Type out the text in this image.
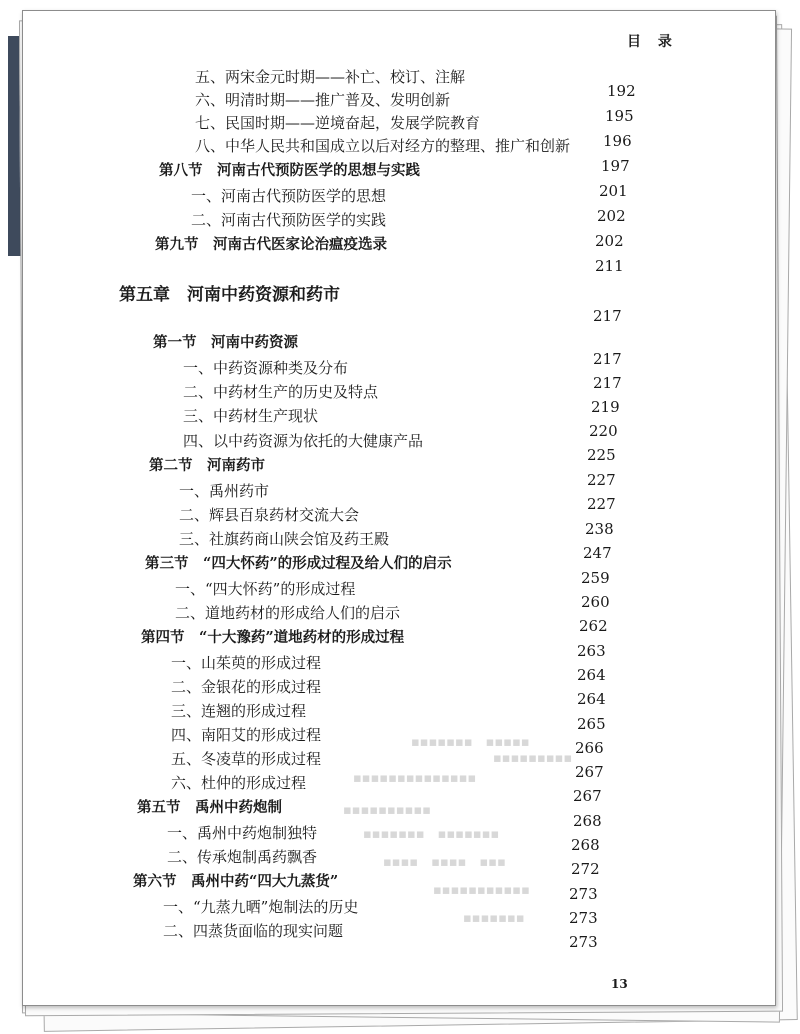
目 录
▪▪▪▪▪▪▪　▪▪▪▪▪
▪▪▪▪▪▪▪▪▪
▪▪▪▪▪▪▪▪▪▪▪▪▪▪
▪▪▪▪▪▪▪▪▪▪
▪▪▪▪▪▪▪　▪▪▪▪▪▪▪
▪▪▪▪　▪▪▪▪　▪▪▪
▪▪▪▪▪▪▪▪▪▪▪
▪▪▪▪▪▪▪
五、两宋金元时期——补亡、校订、注解
六、明清时期——推广普及、发明创新
七、民国时期——逆境奋起，发展学院教育
八、中华人民共和国成立以后对经方的整理、推广和创新
第八节　河南古代预防医学的思想与实践
一、河南古代预防医学的思想
二、河南古代预防医学的实践
第九节　河南古代医家论治瘟疫选录
第五章　河南中药资源和药市
第一节　河南中药资源
一、中药资源种类及分布
二、中药材生产的历史及特点
三、中药材生产现状
四、以中药资源为依托的大健康产品
第二节　河南药市
一、禹州药市
二、辉县百泉药材交流大会
三、社旗药商山陕会馆及药王殿
第三节　“四大怀药”的形成过程及给人们的启示
一、“四大怀药”的形成过程
二、道地药材的形成给人们的启示
第四节　“十大豫药”道地药材的形成过程
一、山茱萸的形成过程
二、金银花的形成过程
三、连翘的形成过程
四、南阳艾的形成过程
五、冬凌草的形成过程
六、杜仲的形成过程
第五节　禹州中药炮制
一、禹州中药炮制独特
二、传承炮制禹药飘香
第六节　禹州中药“四大九蒸货”
一、“九蒸九晒”炮制法的历史
二、四蒸货面临的现实问题
192
195
196
197
201
202
202
211
217
217
217
219
220
225
227
227
238
247
259
260
262
263
264
264
265
266
267
267
268
268
272
273
273
273
13
